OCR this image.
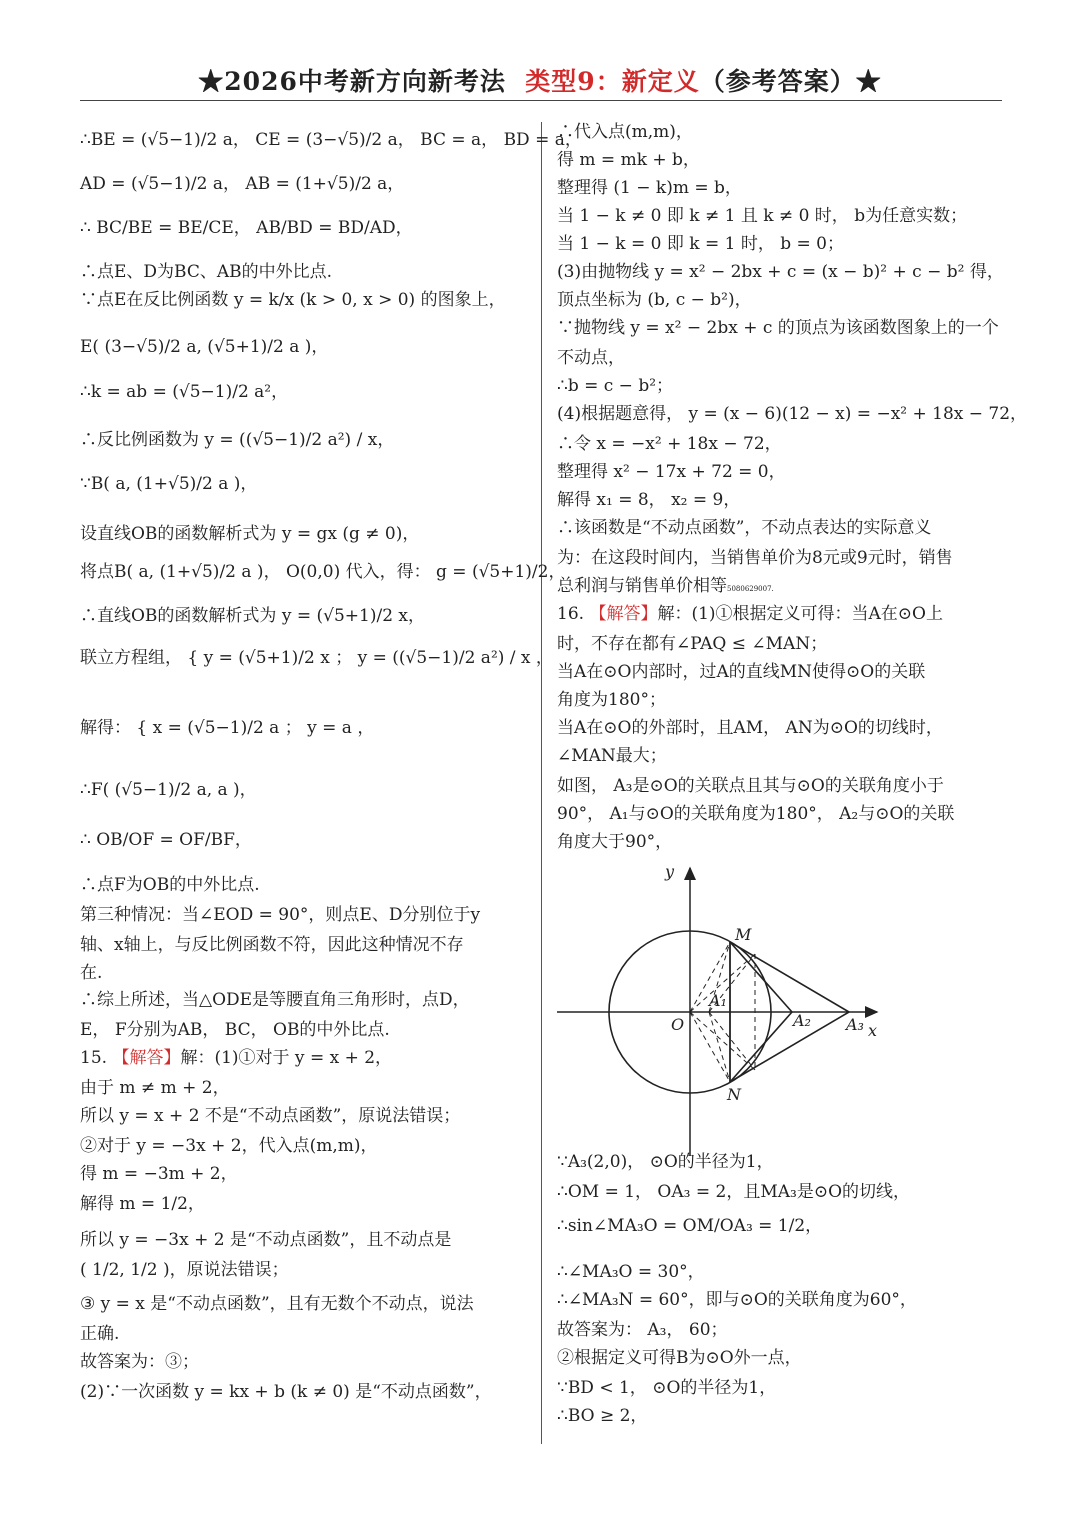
★2026中考新方向新考法 类型9：新定义（参考答案）★
∴BE = (√5−1)/2 a， CE = (3−√5)/2 a， BC = a， BD = a，
AD = (√5−1)/2 a， AB = (1+√5)/2 a，
∴ BC/BE = BE/CE， AB/BD = BD/AD，
∴点E、D为BC、AB的中外比点.
∵点E在反比例函数 y = k/x (k > 0, x > 0) 的图象上，
E( (3−√5)/2 a, (√5+1)/2 a )，
∴k = ab = (√5−1)/2 a²，
∴反比例函数为 y = ((√5−1)/2 a²) / x，
∵B( a, (1+√5)/2 a )，
设直线OB的函数解析式为 y = gx (g ≠ 0)，
将点B( a, (1+√5)/2 a )， O(0,0) 代入，得： g = (√5+1)/2，
∴直线OB的函数解析式为 y = (√5+1)/2 x，
联立方程组， { y = (√5+1)/2 x ； y = ((√5−1)/2 a²) / x ，
解得： { x = (√5−1)/2 a ； y = a ，
∴F( (√5−1)/2 a, a )，
∴ OB/OF = OF/BF，
∴点F为OB的中外比点.
第三种情况：当∠EOD = 90°，则点E、D分别位于y
轴、x轴上，与反比例函数不符，因此这种情况不存
在.
∴综上所述，当△ODE是等腰直角三角形时，点D，
E， F分别为AB， BC， OB的中外比点.
15. 【解答】解：(1)①对于 y = x + 2，
由于 m ≠ m + 2，
所以 y = x + 2 不是“不动点函数”，原说法错误；
②对于 y = −3x + 2，代入点(m,m)，
得 m = −3m + 2，
解得 m = 1/2，
所以 y = −3x + 2 是“不动点函数”，且不动点是
( 1/2, 1/2 )，原说法错误；
③ y = x 是“不动点函数”，且有无数个不动点，说法
正确.
故答案为：③；
(2)∵一次函数 y = kx + b (k ≠ 0) 是“不动点函数”，
∴代入点(m,m)，
得 m = mk + b，
整理得 (1 − k)m = b，
当 1 − k ≠ 0 即 k ≠ 1 且 k ≠ 0 时， b为任意实数；
当 1 − k = 0 即 k = 1 时， b = 0；
(3)由抛物线 y = x² − 2bx + c = (x − b)² + c − b² 得，
顶点坐标为 (b, c − b²)，
∵抛物线 y = x² − 2bx + c 的顶点为该函数图象上的一个
不动点，
∴b = c − b²；
(4)根据题意得， y = (x − 6)(12 − x) = −x² + 18x − 72，
∴令 x = −x² + 18x − 72，
整理得 x² − 17x + 72 = 0，
解得 x₁ = 8， x₂ = 9，
∴该函数是“不动点函数”，不动点表达的实际意义
为：在这段时间内，当销售单价为8元或9元时，销售
总利润与销售单价相等5080629007.
16. 【解答】解：(1)①根据定义可得：当A在⊙O上
时，不存在都有∠PAQ ≤ ∠MAN；
当A在⊙O内部时，过A的直线MN使得⊙O的关联
角度为180°；
当A在⊙O的外部时，且AM， AN为⊙O的切线时，
∠MAN最大；
如图， A₃是⊙O的关联点且其与⊙O的关联角度小于
90°， A₁与⊙O的关联角度为180°， A₂与⊙O的关联
角度大于90°，
∵A₃(2,0)， ⊙O的半径为1，
∴OM = 1， OA₃ = 2，且MA₃是⊙O的切线，
∴sin∠MA₃O = OM/OA₃ = 1/2，
∴∠MA₃O = 30°，
∴∠MA₃N = 60°，即与⊙O的关联角度为60°，
故答案为： A₃， 60；
②根据定义可得B为⊙O外一点，
∵BD < 1， ⊙O的半径为1，
∴BO ≥ 2，
y
x
O
M
N
A₁
A₂ A₃
